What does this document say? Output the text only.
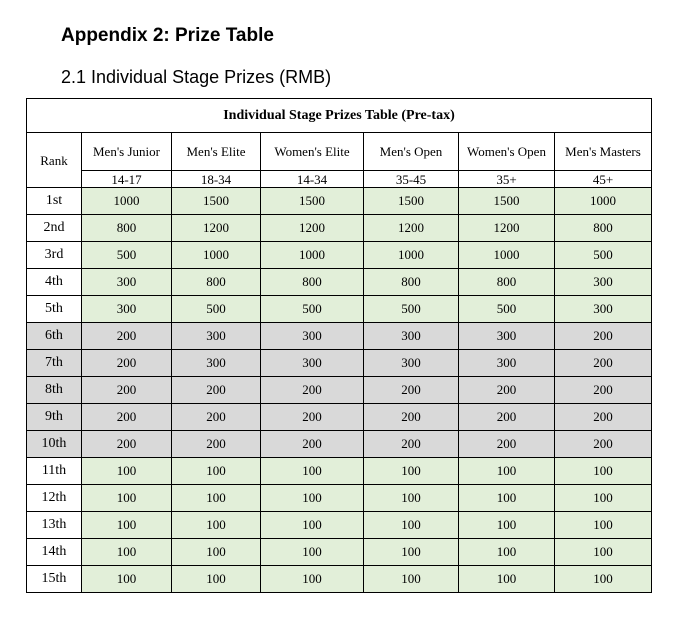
Appendix 2: Prize Table
2.1 Individual Stage Prizes (RMB)
Individual Stage Prizes Table (Pre-tax)						
Rank	Men's Junior	Men's Elite	Women's Elite	Men's Open	Women's Open	Men's Masters
	14-17	18-34	14-34	35-45	35+	45+
1st	1000	1500	1500	1500	1500	1000
2nd	800	1200	1200	1200	1200	800
3rd	500	1000	1000	1000	1000	500
4th	300	800	800	800	800	300
5th	300	500	500	500	500	300
6th	200	300	300	300	300	200
7th	200	300	300	300	300	200
8th	200	200	200	200	200	200
9th	200	200	200	200	200	200
10th	200	200	200	200	200	200
11th	100	100	100	100	100	100
12th	100	100	100	100	100	100
13th	100	100	100	100	100	100
14th	100	100	100	100	100	100
15th	100	100	100	100	100	100
